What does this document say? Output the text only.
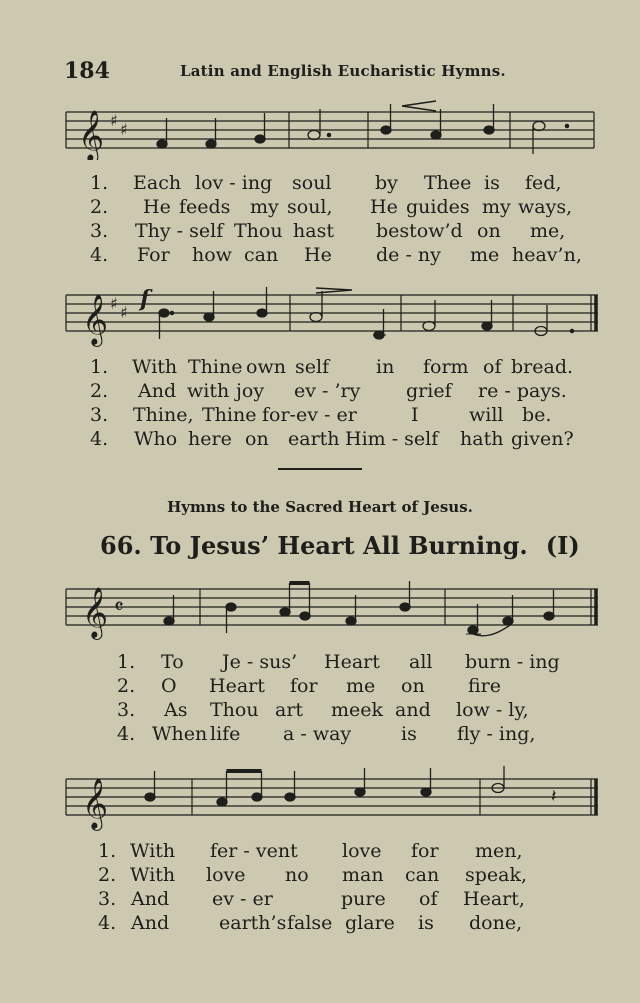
184	Latin and English Eucharistic Hymns.
𝄞 ♯ ♯
1. Each lov - ing soul by Thee is fed,
2. He feeds my soul, He guides my ways,
3. Thy - self Thou hast bestow’d on me,
4. For how can He de - ny me heav’n,
𝄞 ♯ ♯
f
1. With Thine own self in form of bread.
2. And with joy ev - ’ry grief re - pays.
3. Thine, Thine for-ev - er	I	will be.
4. Who here on earth Him - self hath given?
Hymns to the Sacred Heart of Jesus.
66. To Jesus’ Heart All Burning. (I)
𝄞 𝄴
1. To Je - sus’ Heart all burn - ing
2. O Heart for me on fire
3. As Thou art meek and low - ly,
4. When life a - way	is fly - ing,
𝄞	𝄽
1. With fer - vent love for men,
2. With love no man can speak,
3. And ev - er	pure of Heart,
4. And	earth’s false glare is done,
